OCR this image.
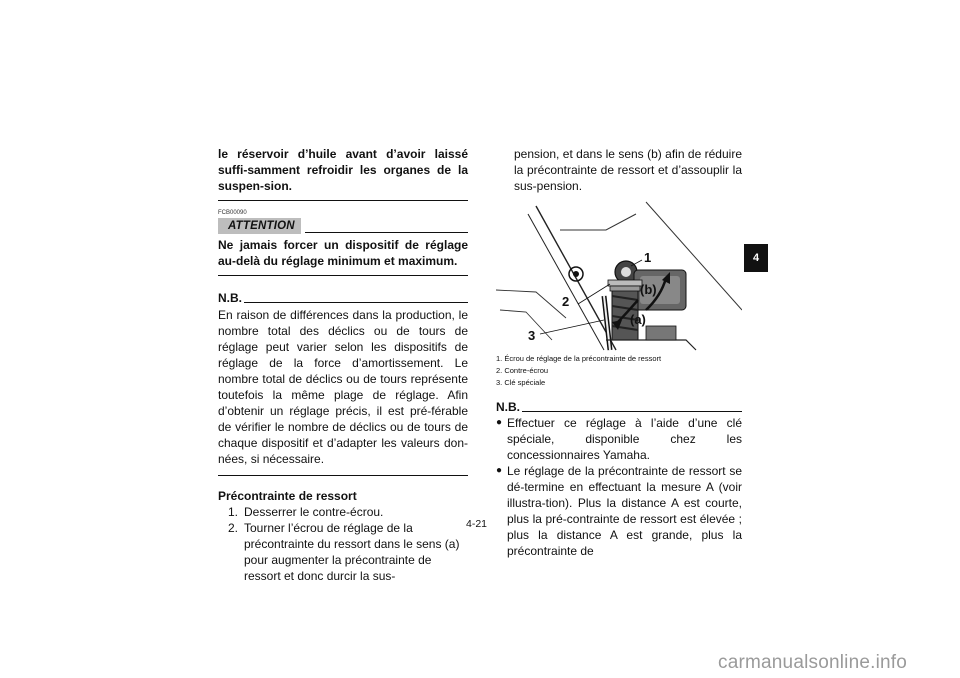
le réservoir d’huile avant d’avoir laissé suffi-samment refroidir les organes de la suspen-sion.

FCB00090
ATTENTION

Ne jamais forcer un dispositif de réglage au-delà du réglage minimum et maximum.

N.B.

En raison de différences dans la production, le nombre total des déclics ou de tours de réglage peut varier selon les dispositifs de réglage de la force d’amortissement. Le nombre total de déclics ou de tours représente toutefois la même plage de réglage. Afin d’obtenir un réglage précis, il est pré-férable de vérifier le nombre de déclics ou de tours de chaque dispositif et d’adapter les valeurs don-nées, si nécessaire.

Précontrainte de ressort

1. Desserrer le contre-écrou.
2. Tourner l’écrou de réglage de la précontrainte du ressort dans le sens (a) pour augmenter la précontrainte de ressort et donc durcir la sus-

pension, et dans le sens (b) afin de réduire la précontrainte de ressort et d’assouplir la sus-pension.

1
2
3
(b)
(a)
1. Écrou de réglage de la précontrainte de ressort
2. Contre-écrou
3. Clé spéciale
N.B.
● Effectuer ce réglage à l’aide d’une clé spéciale, disponible chez les concessionnaires Yamaha.
● Le réglage de la précontrainte de ressort se dé-termine en effectuant la mesure A (voir illustra-tion). Plus la distance A est courte, plus la pré-contrainte de ressort est élevée ; plus la distance A est grande, plus la précontrainte de
4-21
4
carmanualsonline.info
